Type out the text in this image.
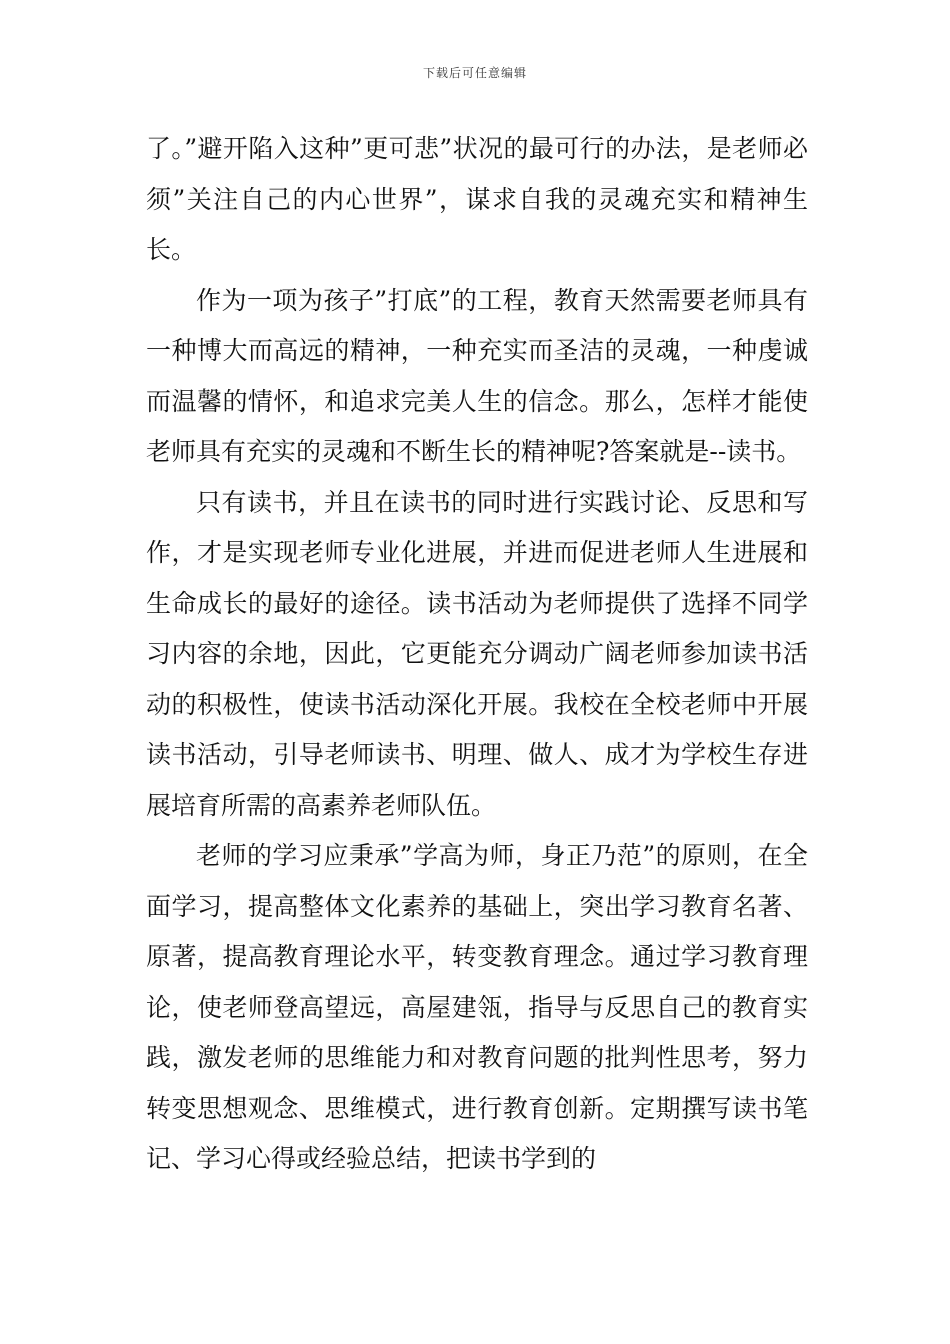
下载后可任意编辑

了。”避开陷入这种”更可悲”状况的最可行的办法，是老师必须”关注自己的内心世界”，谋求自我的灵魂充实和精神生长。

作为一项为孩子”打底”的工程，教育天然需要老师具有一种博大而高远的精神，一种充实而圣洁的灵魂，一种虔诚而温馨的情怀，和追求完美人生的信念。那么，怎样才能使老师具有充实的灵魂和不断生长的精神呢?答案就是--读书。

只有读书，并且在读书的同时进行实践讨论、反思和写作，才是实现老师专业化进展，并进而促进老师人生进展和生命成长的最好的途径。读书活动为老师提供了选择不同学习内容的余地，因此，它更能充分调动广阔老师参加读书活动的积极性，使读书活动深化开展。我校在全校老师中开展读书活动，引导老师读书、明理、做人、成才为学校生存进展培育所需的高素养老师队伍。

老师的学习应秉承”学高为师，身正乃范”的原则，在全面学习，提高整体文化素养的基础上，突出学习教育名著、原著，提高教育理论水平，转变教育理念。通过学习教育理论，使老师登高望远，高屋建瓴，指导与反思自己的教育实践，激发老师的思维能力和对教育问题的批判性思考，努力转变思想观念、思维模式，进行教育创新。定期撰写读书笔记、学习心得或经验总结，把读书学到的
